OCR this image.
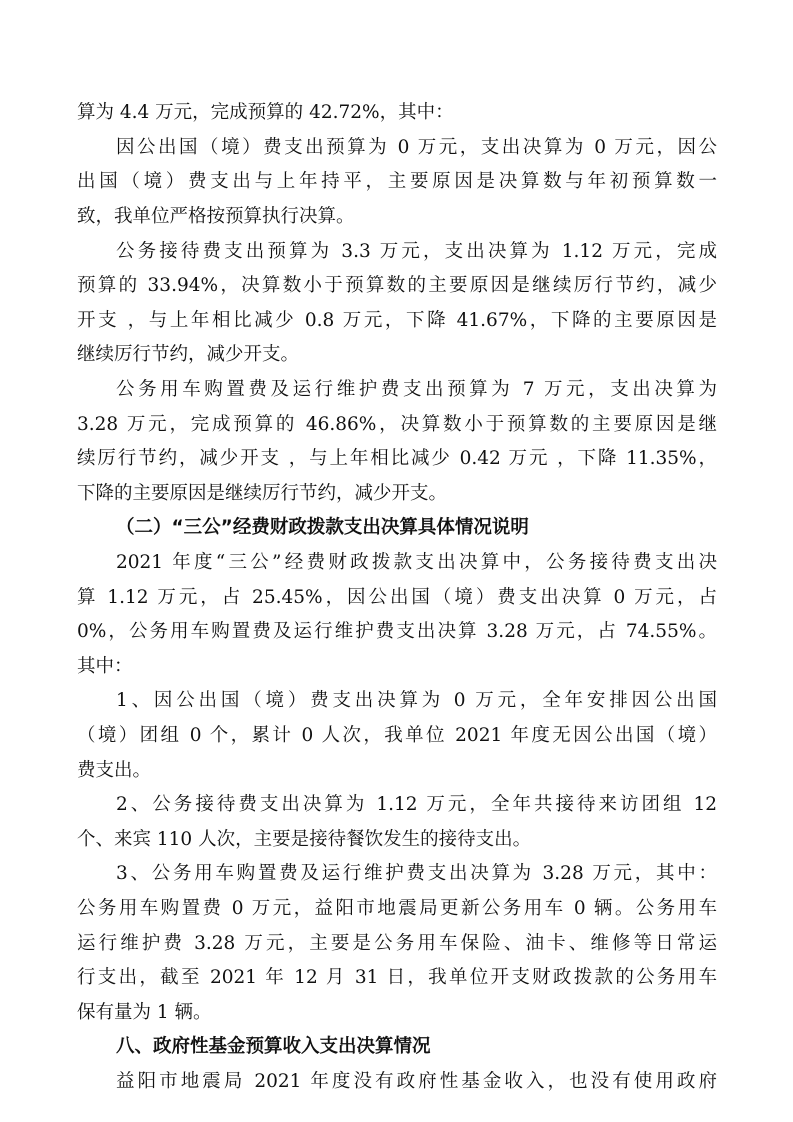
算为 4.4 万元，完成预算的 42.72%，其中：
因公出国（境）费支出预算为 0 万元，支出决算为 0 万元，因公
出国（境）费支出与上年持平，主要原因是决算数与年初预算数一
致，我单位严格按预算执行决算。
公务接待费支出预算为 3.3 万元，支出决算为 1.12 万元，完成
预算的 33.94%，决算数小于预算数的主要原因是继续厉行节约，减少
开支 ，与上年相比减少 0.8 万元，下降 41.67%，下降的主要原因是
继续厉行节约，减少开支。
公务用车购置费及运行维护费支出预算为 7 万元，支出决算为
3.28 万元，完成预算的 46.86%，决算数小于预算数的主要原因是继
续厉行节约，减少开支 ，与上年相比减少 0.42 万元 ，下降 11.35%，
下降的主要原因是继续厉行节约，减少开支。
（二）“三公”经费财政拨款支出决算具体情况说明
2021 年度“三公”经费财政拨款支出决算中，公务接待费支出决
算 1.12 万元，占 25.45%，因公出国（境）费支出决算 0 万元，占
0%，公务用车购置费及运行维护费支出决算 3.28 万元，占 74.55%。
其中：
1、因公出国（境）费支出决算为 0 万元，全年安排因公出国
（境）团组 0 个，累计 0 人次，我单位 2021 年度无因公出国（境）
费支出。
2、公务接待费支出决算为 1.12 万元，全年共接待来访团组 12
个、来宾 110 人次，主要是接待餐饮发生的接待支出。
3、公务用车购置费及运行维护费支出决算为 3.28 万元，其中：
公务用车购置费 0 万元，益阳市地震局更新公务用车 0 辆。公务用车
运行维护费 3.28 万元，主要是公务用车保险、油卡、维修等日常运
行支出，截至 2021 年 12 月 31 日，我单位开支财政拨款的公务用车
保有量为 1 辆。
八、政府性基金预算收入支出决算情况
益阳市地震局 2021 年度没有政府性基金收入，也没有使用政府
